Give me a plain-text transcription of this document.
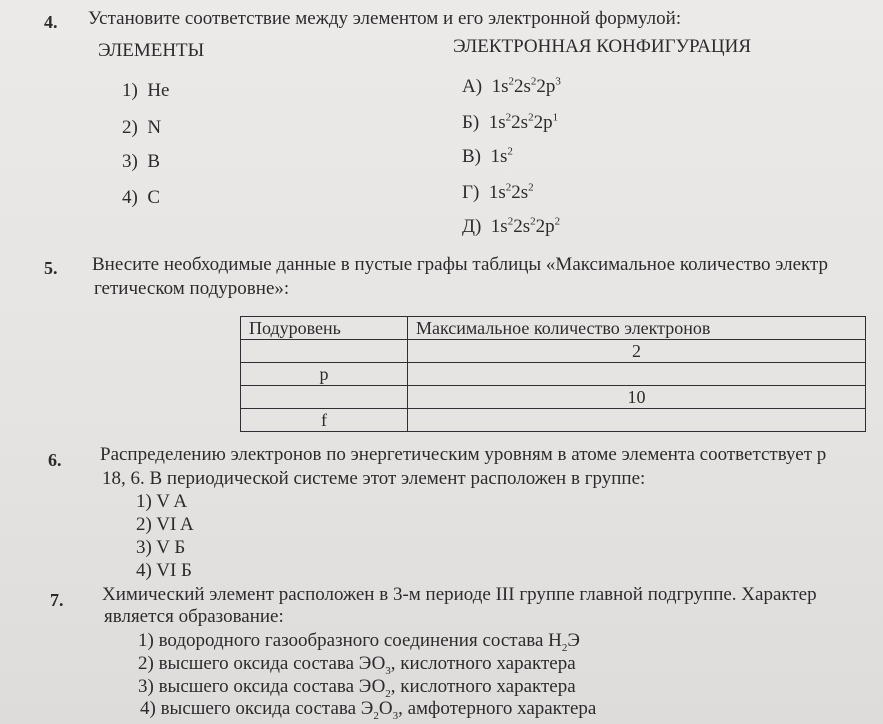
4. Установите соответствие между элементом и его электронной формулой:
ЭЛЕМЕНТЫ	ЭЛЕКТРОННАЯ КОНФИГУРАЦИЯ
1) He
2) N
3) B
4) C
А) $1s^22s^22p^3$
Б) $1s^22s^22p^1$
В) $1s^2$
Г) $1s^22s^2$
Д) $1s^22s^22p^2$
5. Внесите необходимые данные в пустые графы таблицы «Максимальное количество электр
гетическом подуровне»:
Подуровень	Максимальное количество электронов
	2
p	
	10
f	
6. Распределению электронов по энергетическим уровням в атоме элемента соответствует р
18, 6. В периодической системе этот элемент расположен в группе:
1) V A
2) VI A
3) V Б
4) VI Б
7. Химический элемент расположен в 3-м периоде III группе главной подгруппе. Характер
является образование:
1) водородного газообразного соединения состава $Н_2Э$
2) высшего оксида состава $ЭО_3$, кислотного характера
3) высшего оксида состава $ЭО_2$, кислотного характера
4) высшего оксида состава $Э_2О_3$, амфотерного характера
